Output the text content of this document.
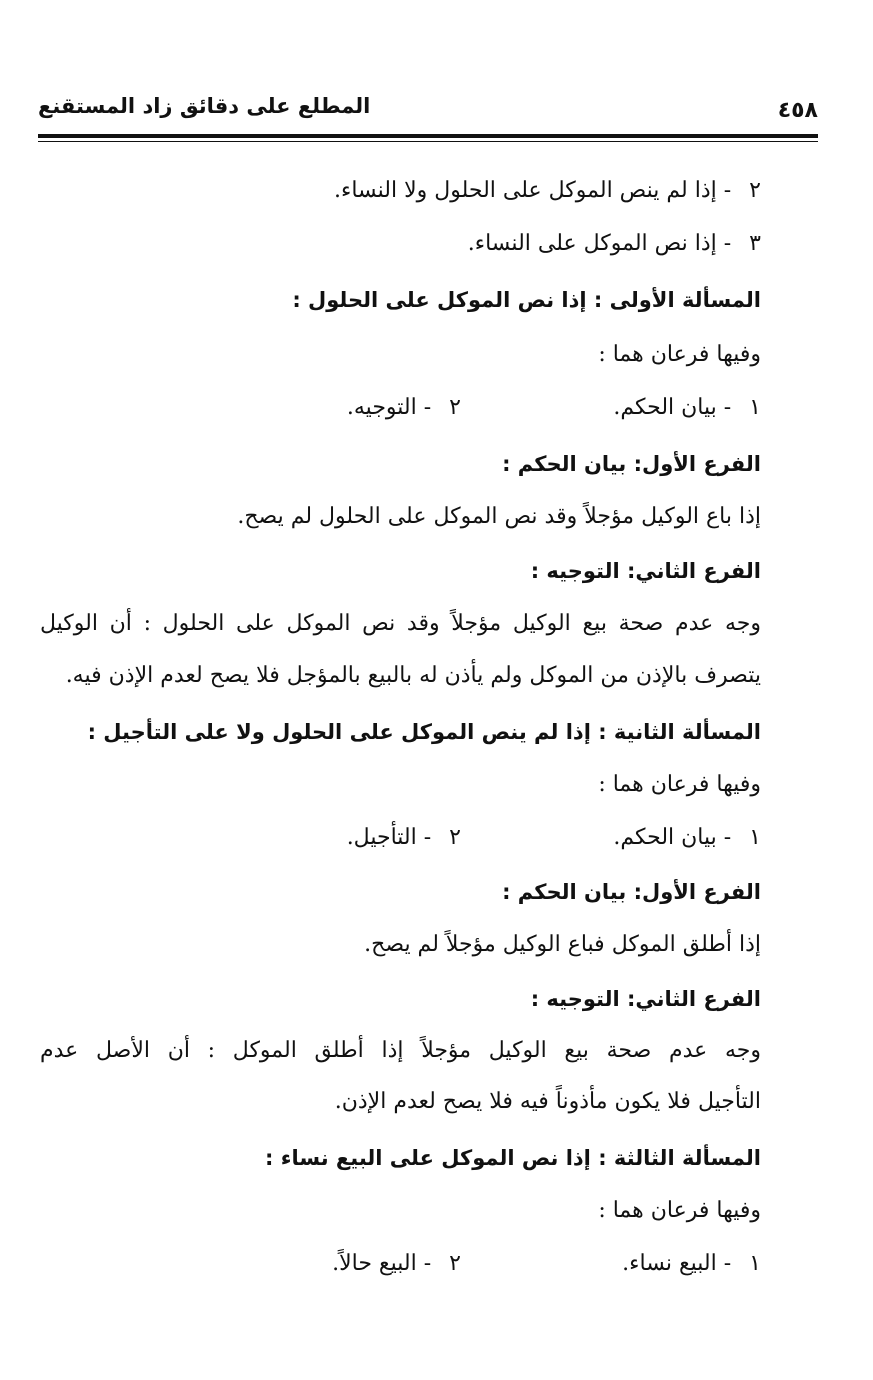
٤٥٨
المطلع على دقائق زاد المستقنع
٢- إذا لم ينص الموكل على الحلول ولا النساء.
٣- إذا نص الموكل على النساء.
المسألة الأولى : إذا نص الموكل على الحلول :
وفيها فرعان هما :
١- بيان الحكم.
٢- التوجيه.
الفرع الأول: بيان الحكم :
إذا باع الوكيل مؤجلاً وقد نص الموكل على الحلول لم يصح.
الفرع الثاني: التوجيه :
وجه عدم صحة بيع الوكيل مؤجلاً وقد نص الموكل على الحلول : أن الوكيل
يتصرف بالإذن من الموكل ولم يأذن له بالبيع بالمؤجل فلا يصح لعدم الإذن فيه.
المسألة الثانية : إذا لم ينص الموكل على الحلول ولا على التأجيل :
وفيها فرعان هما :
١- بيان الحكم.
٢- التأجيل.
الفرع الأول: بيان الحكم :
إذا أطلق الموكل فباع الوكيل مؤجلاً لم يصح.
الفرع الثاني: التوجيه :
وجه عدم صحة بيع الوكيل مؤجلاً إذا أطلق الموكل : أن الأصل عدم
التأجيل فلا يكون مأذوناً فيه فلا يصح لعدم الإذن.
المسألة الثالثة : إذا نص الموكل على البيع نساء :
وفيها فرعان هما :
١- البيع نساء.
٢- البيع حالاً.
